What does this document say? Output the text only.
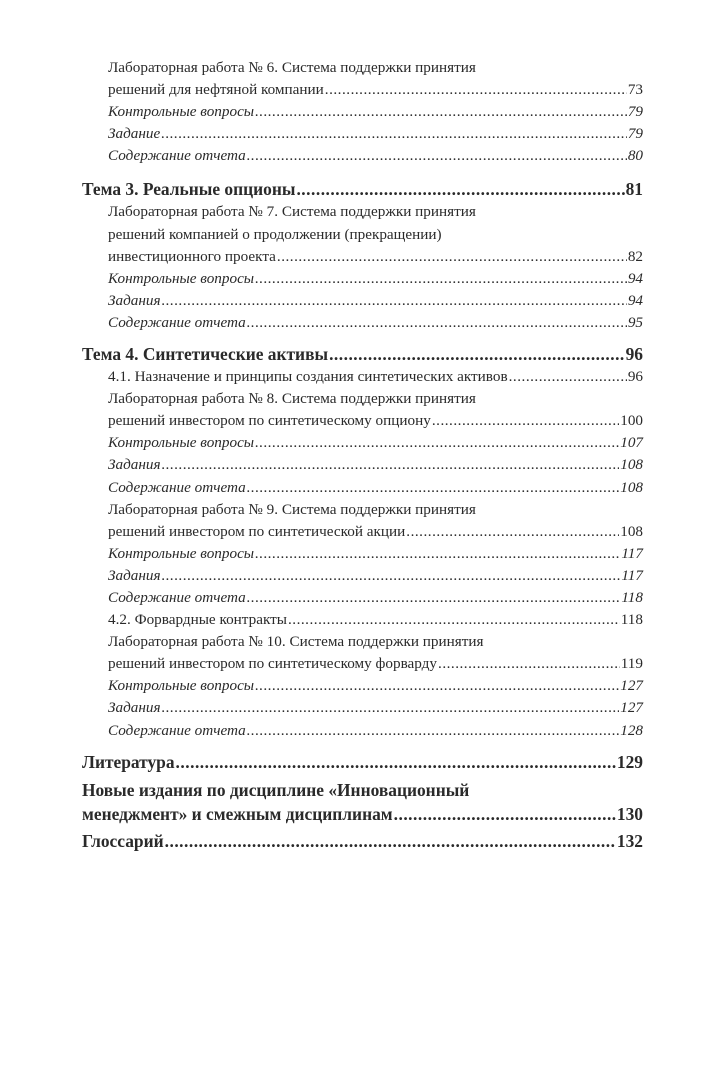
Лабораторная работа № 6. Система поддержки принятия
решений для нефтяной компании .....	73
Контрольные вопросы .....	79
Задание .....	79
Содержание отчета .....	80
Тема 3. Реальные опционы .....	81
Лабораторная работа № 7. Система поддержки принятия
решений компанией о продолжении (прекращении)
инвестиционного проекта .....	82
Контрольные вопросы .....	94
Задания .....	94
Содержание отчета .....	95
Тема 4. Синтетические активы .....	96
4.1. Назначение и принципы создания синтетических активов .....	96
Лабораторная работа № 8. Система поддержки принятия
решений инвестором по синтетическому опциону .....	100
Контрольные вопросы .....	107
Задания .....	108
Содержание отчета .....	108
Лабораторная работа № 9. Система поддержки принятия
решений инвестором по синтетической акции .....	108
Контрольные вопросы .....	117
Задания .....	117
Содержание отчета .....	118
4.2. Форвардные контракты .....	118
Лабораторная работа № 10. Система поддержки принятия
решений инвестором по синтетическому форварду .....	119
Контрольные вопросы .....	127
Задания .....	127
Содержание отчета .....	128
Литература .....	129
Новые издания по дисциплине «Инновационный
менеджмент» и смежным дисциплинам .....	130
Глоссарий .....	132
